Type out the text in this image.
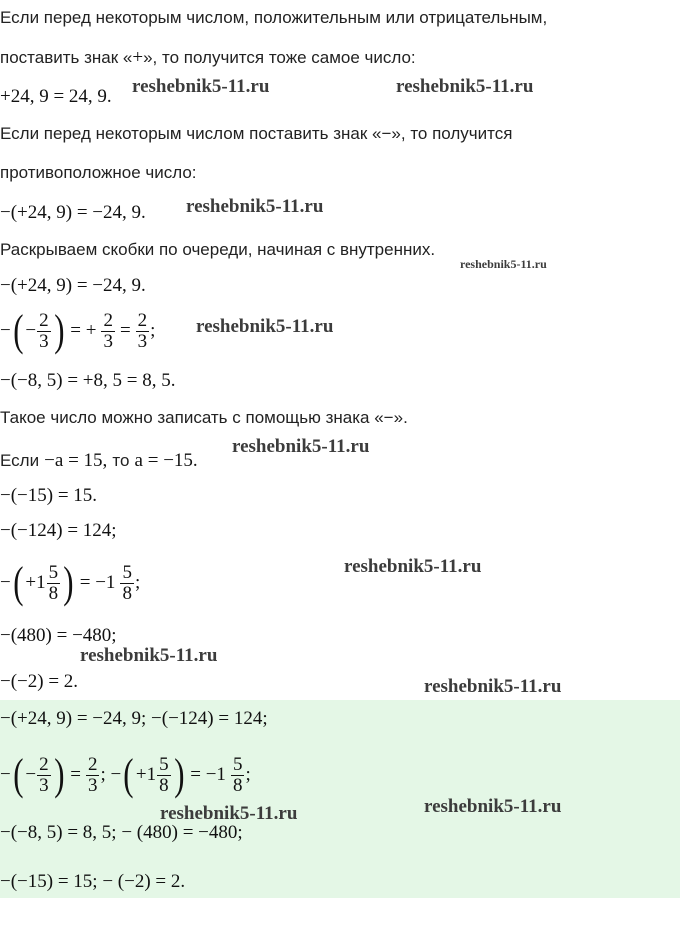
Если перед некоторым числом, положительным или отрицательным,
поставить знак «+», то получится тоже самое число:
+24, 9 = 24, 9.
Если перед некоторым числом поставить знак «−», то получится
противоположное число:
−(+24, 9) = −24, 9.
Раскрываем скобки по очереди, начиная с внутренних.
−(+24, 9) = −24, 9.
− ( − $\frac{2}{3}$ ) = + $\frac{2}{3} = \frac{2}{3}$ ;
−(−8, 5) = +8, 5 = 8, 5.
Такое число можно записать с помощью знака «−».
Если −a = 15, то a = −15.
−(−15) = 15.
−(−124) = 124;
− ( $+1 \frac{5}{8}$ ) = $-1 \frac{5}{8}$ ;
−(480) = −480;
−(−2) = 2.
−(+24, 9) = −24, 9; −(−124) = 124;
− ( − $\frac{2}{3}$ ) = $\frac{2}{3}$ ; − ( $+1 \frac{5}{8}$ ) = $-1 \frac{5}{8}$ ;
−(−8, 5) = 8, 5; − (480) = −480;
−(−15) = 15; − (−2) = 2.
reshebnik5-11.ru	reshebnik5-11.ru
reshebnik5-11.ru
reshebnik5-11.ru
reshebnik5-11.ru
reshebnik5-11.ru
reshebnik5-11.ru
reshebnik5-11.ru
reshebnik5-11.ru
reshebnik5-11.ru	reshebnik5-11.ru
